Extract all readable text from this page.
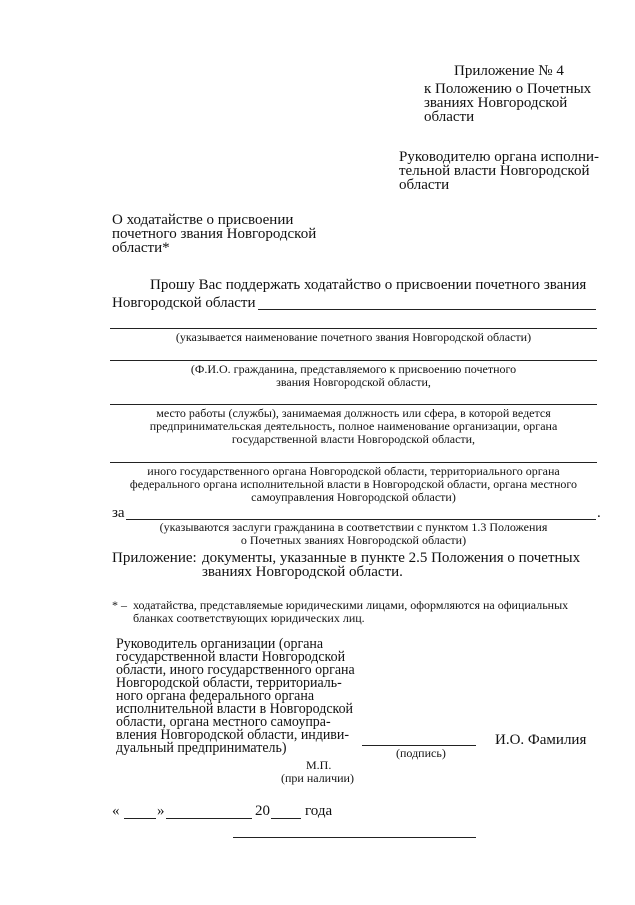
Приложение № 4
к Положению о Почетных
званиях Новгородской
области
Руководителю органа исполни-
тельной власти Новгородской
области
О ходатайстве о присвоении
почетного звания Новгородской
области*
Прошу Вас поддержать ходатайство о присвоении почетного звания
Новгородской области
(указывается наименование почетного звания Новгородской области)
(Ф.И.О. гражданина, представляемого к присвоению почетного
звания Новгородской области,
место работы (службы), занимаемая должность или сфера, в которой ведется
предпринимательская деятельность, полное наименование организации, органа
государственной власти Новгородской области,
иного государственного органа Новгородской области, территориального органа
федерального органа исполнительной власти в Новгородской области, органа местного
самоуправления Новгородской области)
за	.
(указываются заслуги гражданина в соответствии с пунктом 1.3 Положения
о Почетных званиях Новгородской области)
Приложение: документы, указанные в пункте 2.5 Положения о почетных
званиях Новгородской области.
* – ходатайства, представляемые юридическими лицами, оформляются на официальных
бланках соответствующих юридических лиц.
Руководитель организации (органа
государственной власти Новгородской
области, иного государственного органа
Новгородской области, территориаль-
ного органа федерального органа
исполнительной власти в Новгородской
области, органа местного самоупра-
вления Новгородской области, индиви-
дуальный предприниматель)	(подпись)
И.О. Фамилия
М.П.
(при наличии)
«	»	20 года
